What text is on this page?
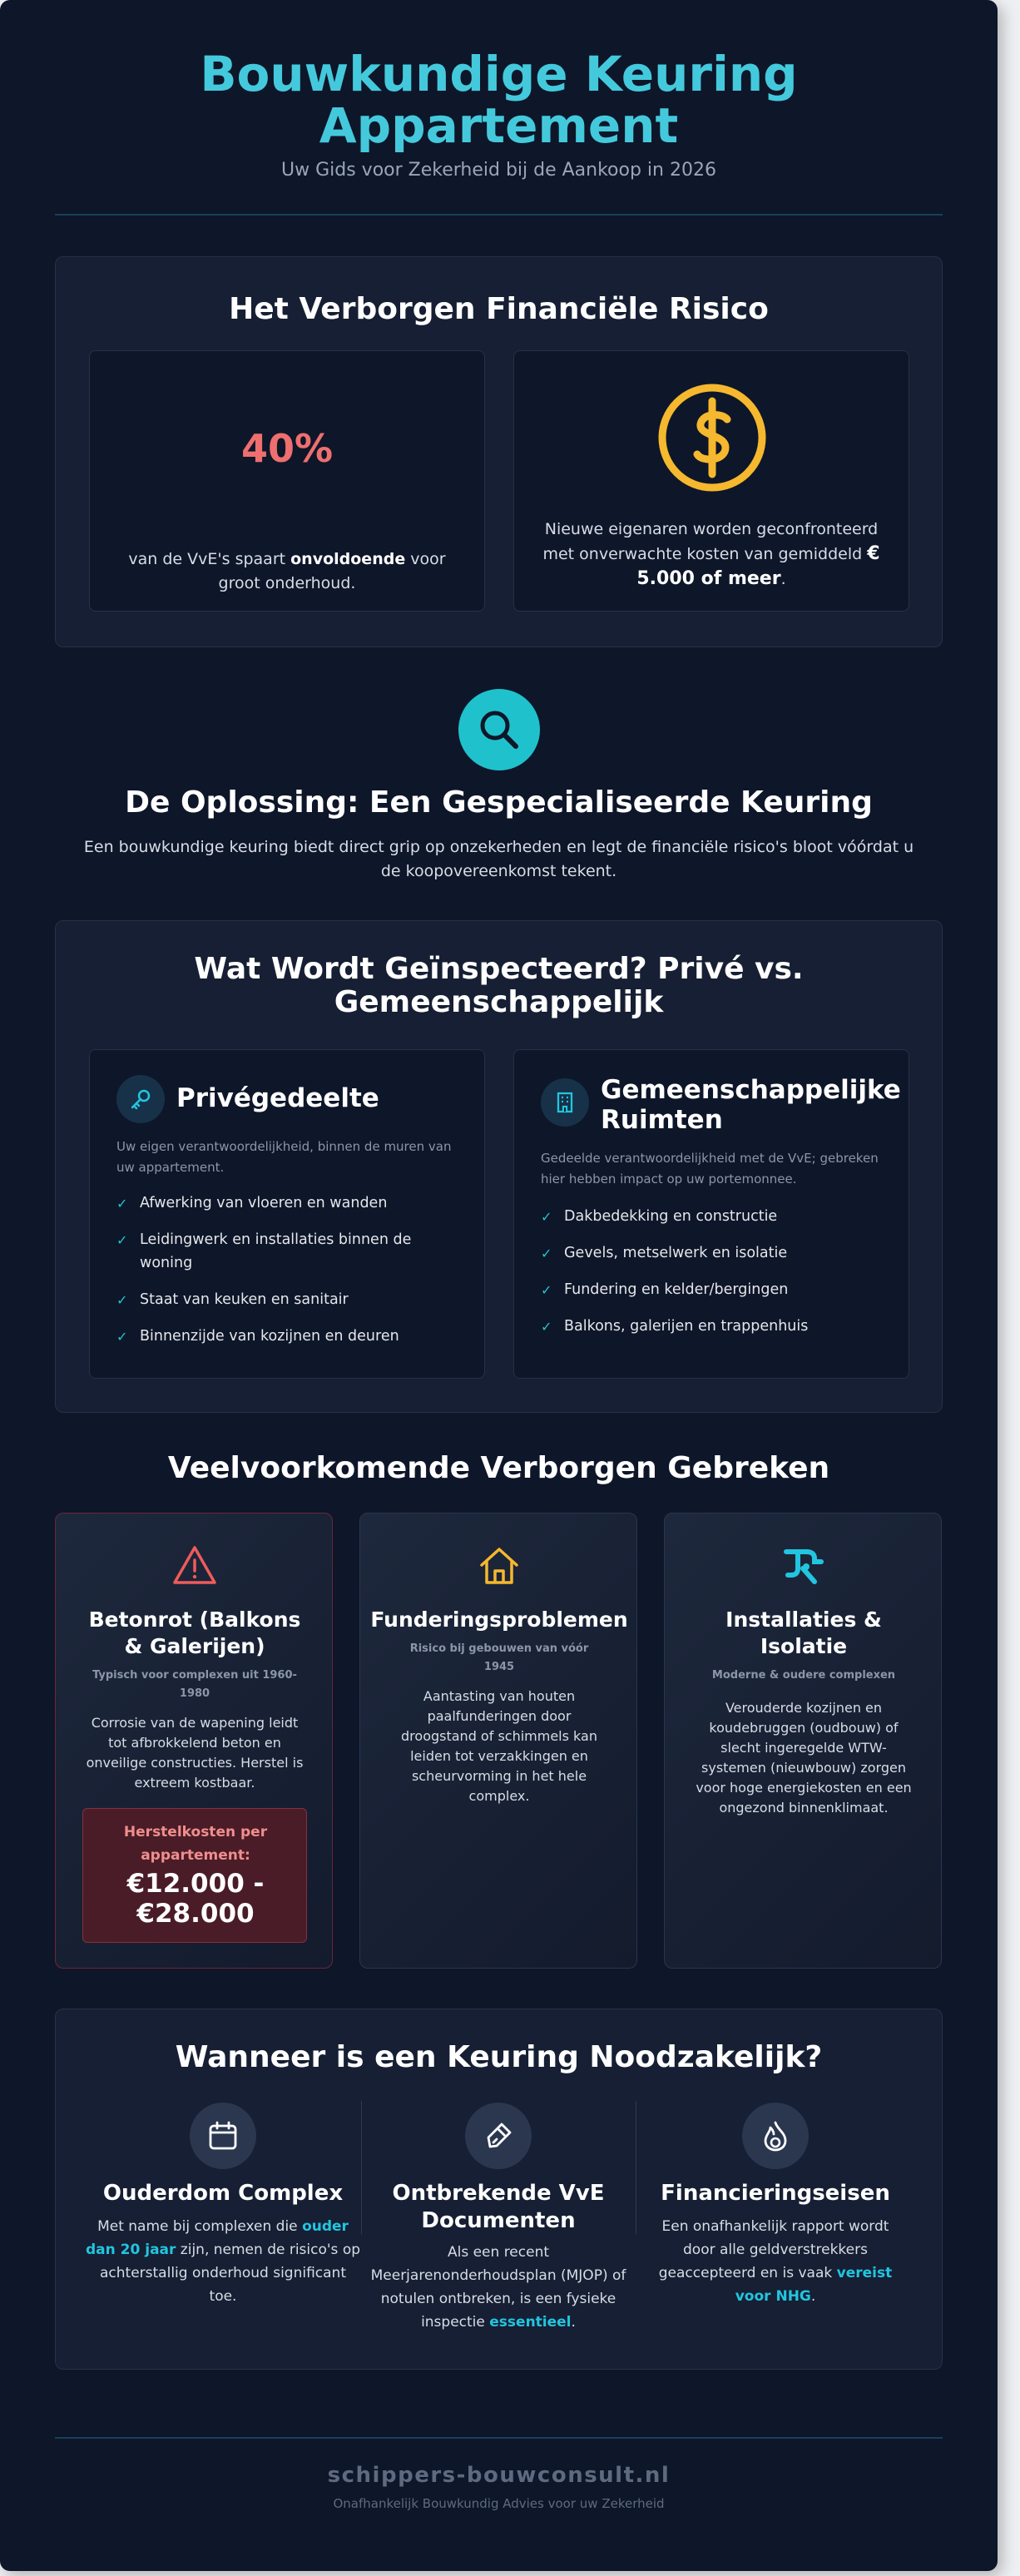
Bouwkundige Keuring
Appartement
Uw Gids voor Zekerheid bij de Aankoop in 2026
Het Verborgen Financiële Risico
40%
van de VvE's spaart onvoldoende voor groot onderhoud.
Nieuwe eigenaren worden geconfronteerd met onverwachte kosten van gemiddeld € 5.000 of meer.
De Oplossing: Een Gespecialiseerde Keuring
Een bouwkundige keuring biedt direct grip op onzekerheden en legt de financiële risico's bloot vóórdat u de koopovereenkomst tekent.
Wat Wordt Geïnspecteerd? Privé vs.
Gemeenschappelijk
Privégedeelte
Uw eigen verantwoordelijkheid, binnen de muren van uw appartement.
✓ Afwerking van vloeren en wanden
✓ Leidingwerk en installaties binnen de woning
✓ Staat van keuken en sanitair
✓ Binnenzijde van kozijnen en deuren
Gemeenschappelijke
Ruimten
Gedeelde verantwoordelijkheid met de VvE; gebreken hier hebben impact op uw portemonnee.
✓ Dakbedekking en constructie
✓ Gevels, metselwerk en isolatie
✓ Fundering en kelder/bergingen
✓ Balkons, galerijen en trappenhuis
Veelvoorkomende Verborgen Gebreken
Betonrot (Balkons & Galerijen)
Typisch voor complexen uit 1960-1980
Corrosie van de wapening leidt tot afbrokkelend beton en onveilige constructies. Herstel is extreem kostbaar.
Herstelkosten per appartement:
€12.000 - €28.000
Funderingsproblemen
Risico bij gebouwen van vóór 1945
Aantasting van houten paalfunderingen door droogstand of schimmels kan leiden tot verzakkingen en scheurvorming in het hele complex.
Installaties & Isolatie
Moderne & oudere complexen
Verouderde kozijnen en koudebruggen (oudbouw) of slecht ingeregelde WTW-systemen (nieuwbouw) zorgen voor hoge energiekosten en een ongezond binnenklimaat.
Wanneer is een Keuring Noodzakelijk?
Ouderdom Complex
Met name bij complexen die ouder dan 20 jaar zijn, nemen de risico's op achterstallig onderhoud significant toe.
Ontbrekende VvE Documenten
Als een recent Meerjarenonderhoudsplan (MJOP) of notulen ontbreken, is een fysieke inspectie essentieel.
Financieringseisen
Een onafhankelijk rapport wordt door alle geldverstrekkers geaccepteerd en is vaak vereist voor NHG.
schippers-bouwconsult.nl
Onafhankelijk Bouwkundig Advies voor uw Zekerheid
